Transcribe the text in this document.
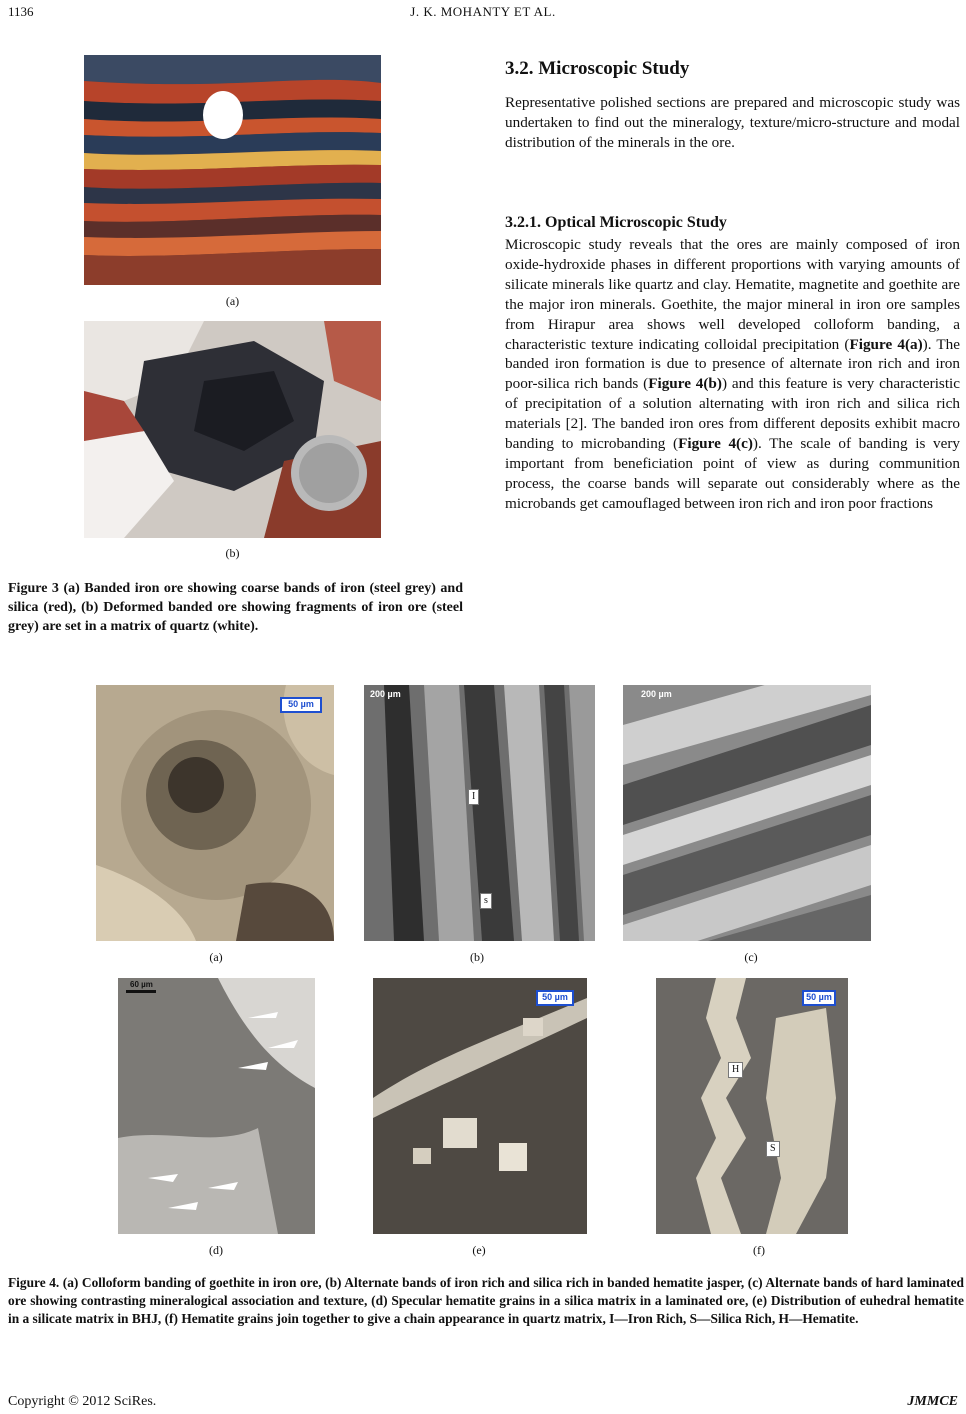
1136	J. K. MOHANTY ET AL.
(a)
(b)
Figure 3 (a) Banded iron ore showing coarse bands of iron (steel grey) and silica (red), (b) Deformed banded ore showing fragments of iron ore (steel grey) are set in a matrix of quartz (white).
3.2. Microscopic Study
Representative polished sections are prepared and microscopic study was undertaken to find out the mineralogy, texture/micro-structure and modal distribution of the minerals in the ore.
3.2.1. Optical Microscopic Study
Microscopic study reveals that the ores are mainly composed of iron oxide-hydroxide phases in different proportions with varying amounts of silicate minerals like quartz and clay. Hematite, magnetite and goethite are the major iron minerals. Goethite, the major mineral in iron ore samples from Hirapur area shows well developed colloform banding, a characteristic texture indicating colloidal precipitation (Figure 4(a)). The banded iron formation is due to presence of alternate iron rich and iron poor-silica rich bands (Figure 4(b)) and this feature is very characteristic of precipitation of a solution alternating with iron rich and silica rich materials [2]. The banded iron ores from different deposits exhibit macro banding to microbanding (Figure 4(c)). The scale of banding is very important from beneficiation point of view as during communition process, the coarse bands will separate out considerably where as the microbands get camouflaged between iron rich and iron poor fractions
50 µm
200 µm
I
s
200 µm
(a)	(b)	(c)
60 µm
50 µm	50 µm
H
S
(d)	(e)	(f)
Figure 4. (a) Colloform banding of goethite in iron ore, (b) Alternate bands of iron rich and silica rich in banded hematite jasper, (c) Alternate bands of hard laminated ore showing contrasting mineralogical association and texture, (d) Specular hematite grains in a silica matrix in a laminated ore, (e) Distribution of euhedral hematite in a silicate matrix in BHJ, (f) Hematite grains join together to give a chain appearance in quartz matrix, I—Iron Rich, S—Silica Rich, H—Hematite.
Copyright © 2012 SciRes.	JMMCE
